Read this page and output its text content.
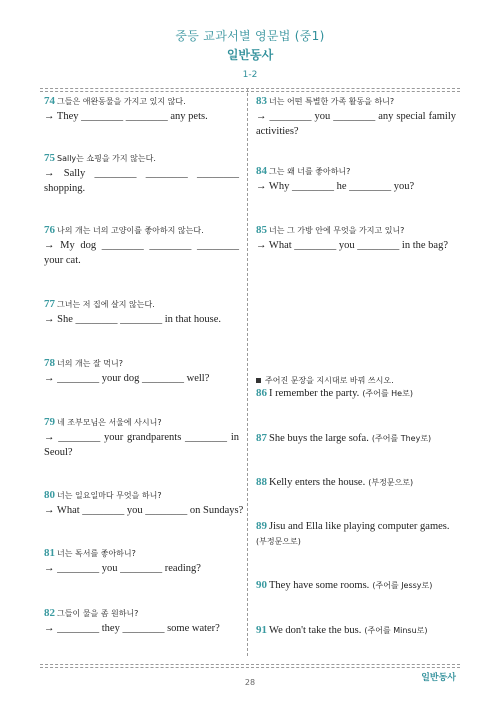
중등 교과서별 영문법 (중1)
일반동사
1-2
74 그들은 애완동물을 가지고 있지 않다.
→ They ________ ________ any pets.
75 Sally는 쇼핑을 가지 않는다.
→ Sally ________ ________ ________
shopping.
76 나의 개는 너의 고양이를 좋아하지 않는다.
→ My dog ________ ________ ________
your cat.
77 그녀는 저 집에 살지 않는다.
→ She ________ ________ in that house.
78 너의 개는 잘 먹니?
→ ________ your dog ________ well?
79 네 조부모님은 서울에 사시니?
→ ________ your grandparents ________ in
Seoul?
80 너는 일요일마다 무엇을 하니?
→ What ________ you ________ on Sundays?
81 너는 독서를 좋아하니?
→ ________ you ________ reading?
82 그들이 물을 좀 원하니?
→ ________ they ________ some water?
83 너는 어떤 특별한 가족 활동을 하니?
→ ________ you ________ any special family
activities?
84 그는 왜 너를 좋아하니?
→ Why ________ he ________ you?
85 너는 그 가방 안에 무엇을 가지고 있니?
→ What ________ you ________ in the bag?
주어진 문장을 지시대로 바꿔 쓰시오.
86 I remember the party. (주어를 He로)
87 She buys the large sofa. (주어를 They로)
88 Kelly enters the house. (부정문으로)
89 Jisu and Ella like playing computer games.
(부정문으로)
90 They have some rooms. (주어를 Jessy로)
91 We don't take the bus. (주어를 Minsu로)
28	일반동사
